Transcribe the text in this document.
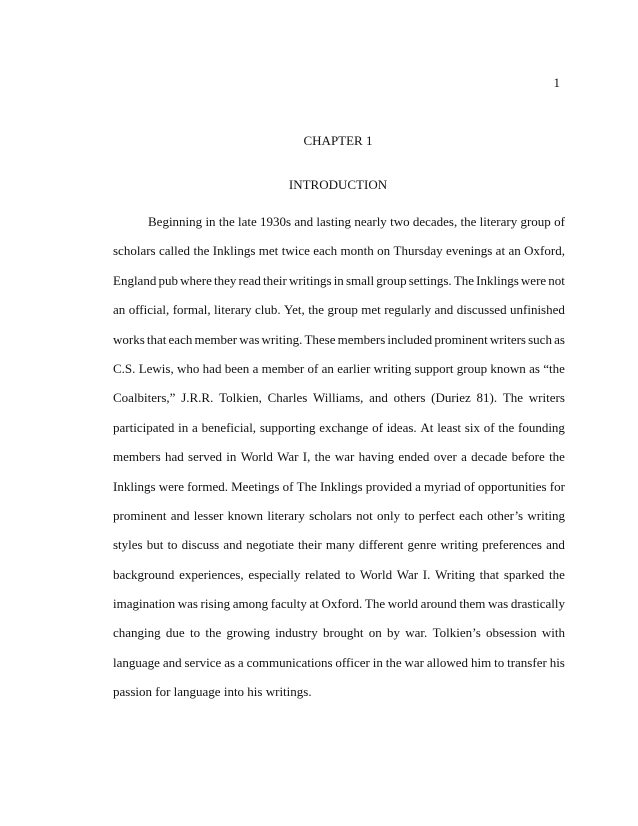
1
CHAPTER 1
INTRODUCTION
Beginning in the late 1930s and lasting nearly two decades, the literary group of
scholars called the Inklings met twice each month on Thursday evenings at an Oxford,
England pub where they read their writings in small group settings. The Inklings were not
an official, formal, literary club. Yet, the group met regularly and discussed unfinished
works that each member was writing. These members included prominent writers such as
C.S. Lewis, who had been a member of an earlier writing support group known as “the
Coalbiters,” J.R.R. Tolkien, Charles Williams, and others (Duriez 81). The writers
participated in a beneficial, supporting exchange of ideas. At least six of the founding
members had served in World War I, the war having ended over a decade before the
Inklings were formed. Meetings of The Inklings provided a myriad of opportunities for
prominent and lesser known literary scholars not only to perfect each other’s writing
styles but to discuss and negotiate their many different genre writing preferences and
background experiences, especially related to World War I. Writing that sparked the
imagination was rising among faculty at Oxford. The world around them was drastically
changing due to the growing industry brought on by war. Tolkien’s obsession with
language and service as a communications officer in the war allowed him to transfer his
passion for language into his writings.
